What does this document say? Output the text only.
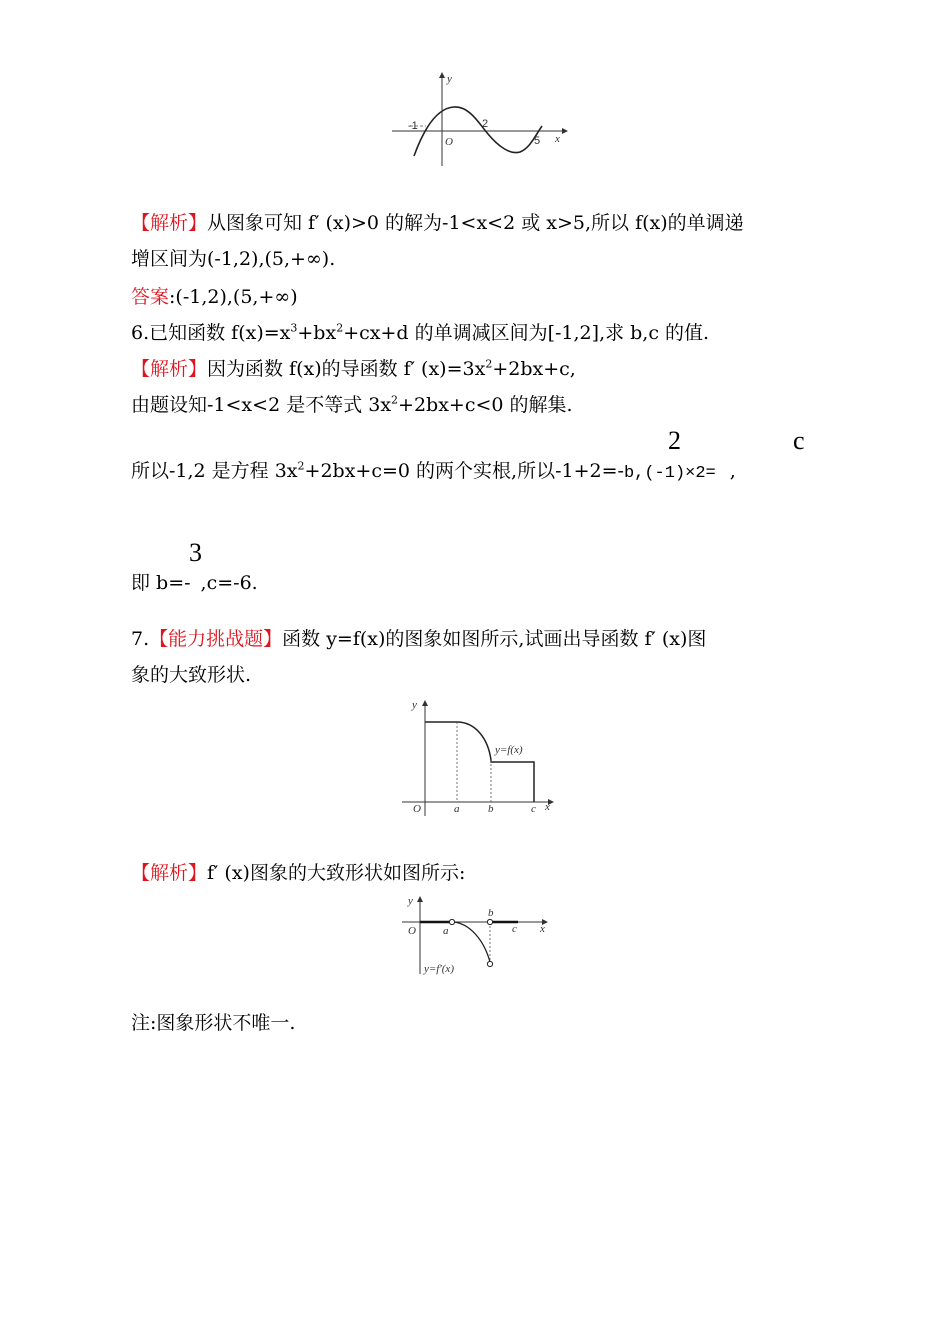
y
x
O
-1	2
5
【解析】从图象可知 f′ (x)>0 的解为-1<x<2 或 x>5,所以 f(x)的单调递
增区间为(-1,2),(5,+∞).
答案:(-1,2),(5,+∞)
6.已知函数 $f(x)=x^3+bx^2+cx+d$ 的单调减区间为[-1,2],求 b,c 的值.
【解析】因为函数 f(x)的导函数 f′ $(x)=3x^2+2bx+c$,
由题设知-1<x<2 是不等式 $3x^2+2bx+c<0$ 的解集.
2	c
所以-1,2 是方程 $3x^2+2bx+c=0$ 的两个实根,所以-1+2=-b,(-1)×2= ,
3
即 b=- ,c=-6.
7.【能力挑战题】函数 y=f(x)的图象如图所示,试画出导函数 f′ (x)图
象的大致形状.
y
x
O	a	b	c
y=f(x)
【解析】f′ (x)图象的大致形状如图所示:
y
x
O a
b
c
y=f′(x)
注:图象形状不唯一.
